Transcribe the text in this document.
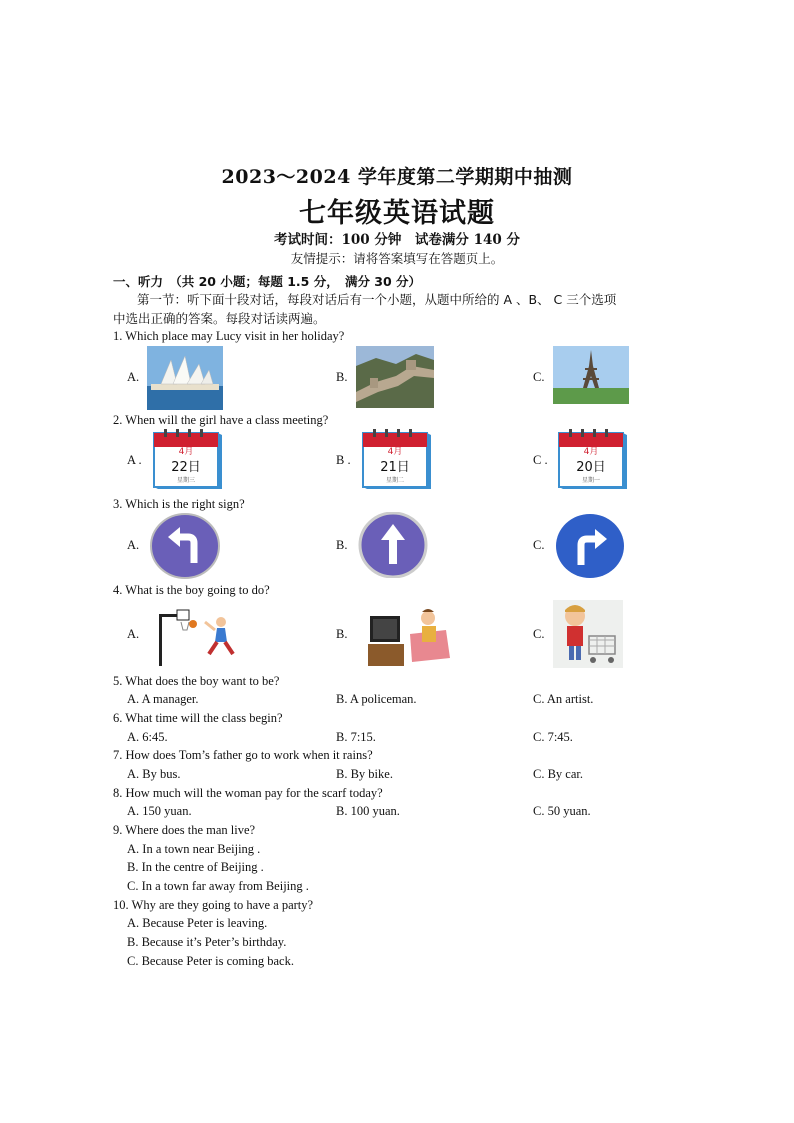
2023～2024 学年度第二学期期中抽测
七年级英语试题
考试时间：100 分钟　试卷满分 140 分
友情提示：请将答案填写在答题页上。
一、听力　（共 20 小题；每题 1.5 分，　满分 30 分）
第一节：听下面十段对话，每段对话后有一个小题，从题中所给的 A 、B、 C 三个选项
中选出正确的答案。每段对话读两遍。
1. Which place may Lucy visit in her holiday?
A.	B.	C.
2. When will the girl have a class meeting?
A .	B .	C .
4月
22日
星期三
4月
21日
星期二
4月
20日
星期一
3. Which is the right sign?
A.	B.	C.
4. What is the boy going to do?
A.	B.	C.
5. What does the boy want to be?
A. A manager.	B. A policeman.	C. An artist.
6. What time will the class begin?
A. 6:45.	B. 7:15.	C. 7:45.
7. How does Tom’s father go to work when it rains?
A. By bus.	B. By bike.	C. By car.
8. How much will the woman pay for the scarf today?
A. 150 yuan.	B. 100 yuan.	C. 50 yuan.
9. Where does the man live?
A. In a town near Beijing .
B. In the centre of Beijing .
C. In a town far away from Beijing .
10. Why are they going to have a party?
A. Because Peter is leaving.
B. Because it’s Peter’s birthday.
C. Because Peter is coming back.
